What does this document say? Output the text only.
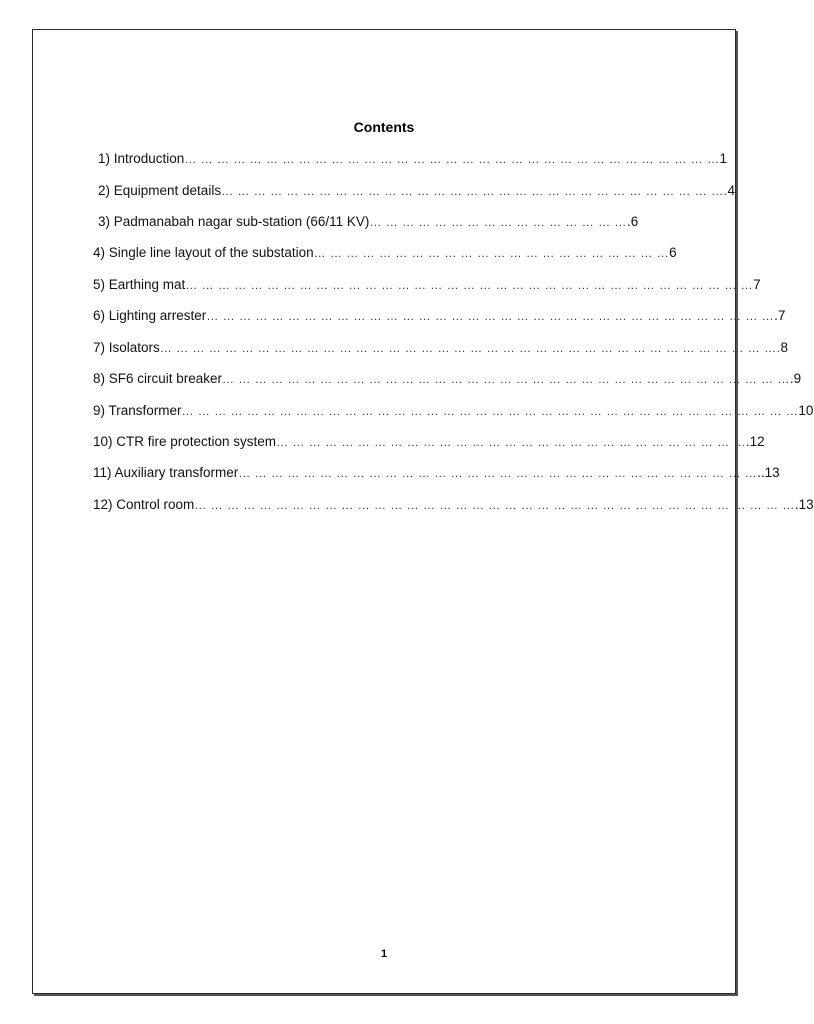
Contents
1) Introduction… … … … … … … … … … … … … … … … … … … … … … … … … … … … … … … … …1
2) Equipment details… … … … … … … … … … … … … … … … … … … … … … … … … … … … … … ….4
3) Padmanabah nagar sub-station (66/11 KV)… … … … … … … … … … … … … … … ….6
4) Single line layout of the substation… … … … … … … … … … … … … … … … … … … … … …6
5) Earthing mat… … … … … … … … … … … … … … … … … … … … … … … … … … … … … … … … … … …7
6) Lighting arrester… … … … … … … … … … … … … … … … … … … … … … … … … … … … … … … … … … ….7
7) Isolators… … … … … … … … … … … … … … … … … … … … … … … … … … … … … … … … … … … … … ….8
8) SF6 circuit breaker… … … … … … … … … … … … … … … … … … … … … … … … … … … … … … … … … … ….9
9) Transformer… … … … … … … … … … … … … … … … … … … … … … … … … … … … … … … … … … … … … …10
10) CTR fire protection system… … … … … … … … … … … … … … … … … … … … … … … … … … … … ….12
11) Auxiliary transformer… … … … … … … … … … … … … … … … … … … … … … … … … … … … … … … …..13
12) Control room… … … … … … … … … … … … … … … … … … … … … … … … … … … … … … … … … … … … ….13
1
